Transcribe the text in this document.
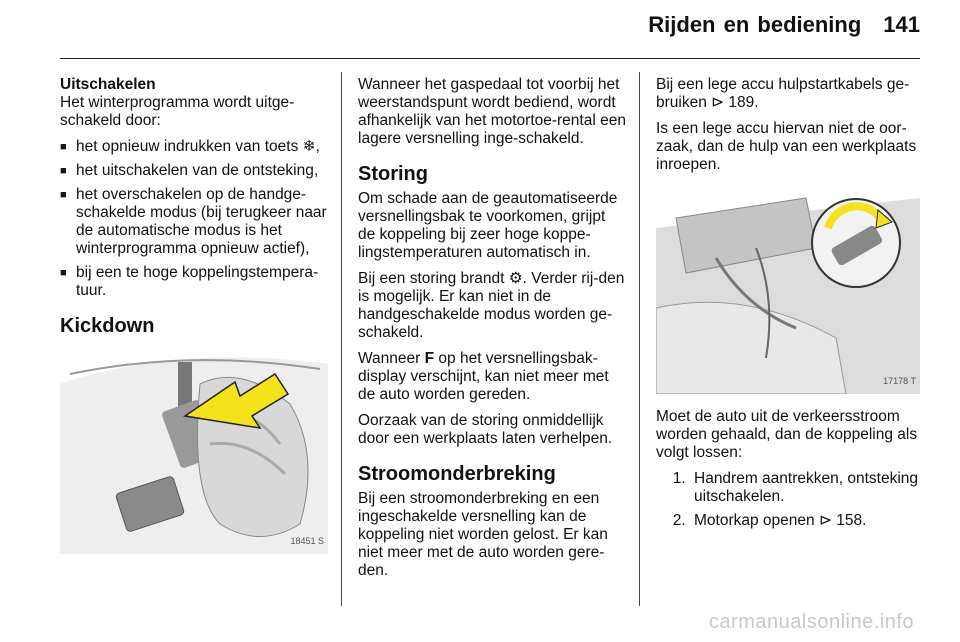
Rijden en bediening 141

Uitschakelen

Het winterprogramma wordt uitge-schakeld door:

■ het opnieuw indrukken van toets ❄,
■ het uitschakelen van de ontsteking,
■ het overschakelen op de handge-schakelde modus (bij terugkeer naar de automatische modus is het winterprogramma opnieuw actief),
■ bij een te hoge koppelingstempera-tuur.
Kickdown
18451 S

Wanneer het gaspedaal tot voorbij het weerstandspunt wordt bediend, wordt afhankelijk van het motortoe-rental een lagere versnelling inge-schakeld.

Storing

Om schade aan de geautomatiseerde versnellingsbak te voorkomen, grijpt de koppeling bij zeer hoge koppe-lingstemperaturen automatisch in.

Bij een storing brandt ⚙. Verder rij-den is mogelijk. Er kan niet in de handgeschakelde modus worden ge-schakeld.

Wanneer F op het versnellingsbak-display verschijnt, kan niet meer met de auto worden gereden.

Oorzaak van de storing onmiddellijk door een werkplaats laten verhelpen.

Stroomonderbreking

Bij een stroomonderbreking en een ingeschakelde versnelling kan de koppeling niet worden gelost. Er kan niet meer met de auto worden gere-den.

Bij een lege accu hulpstartkabels ge-bruiken ⊳ 189.

Is een lege accu hiervan niet de oor-zaak, dan de hulp van een werkplaats inroepen.

17178 T

Moet de auto uit de verkeersstroom worden gehaald, dan de koppeling als volgt lossen:

1. Handrem aantrekken, ontsteking uitschakelen.
2. Motorkap openen ⊳ 158.
carmanualsonline.info
